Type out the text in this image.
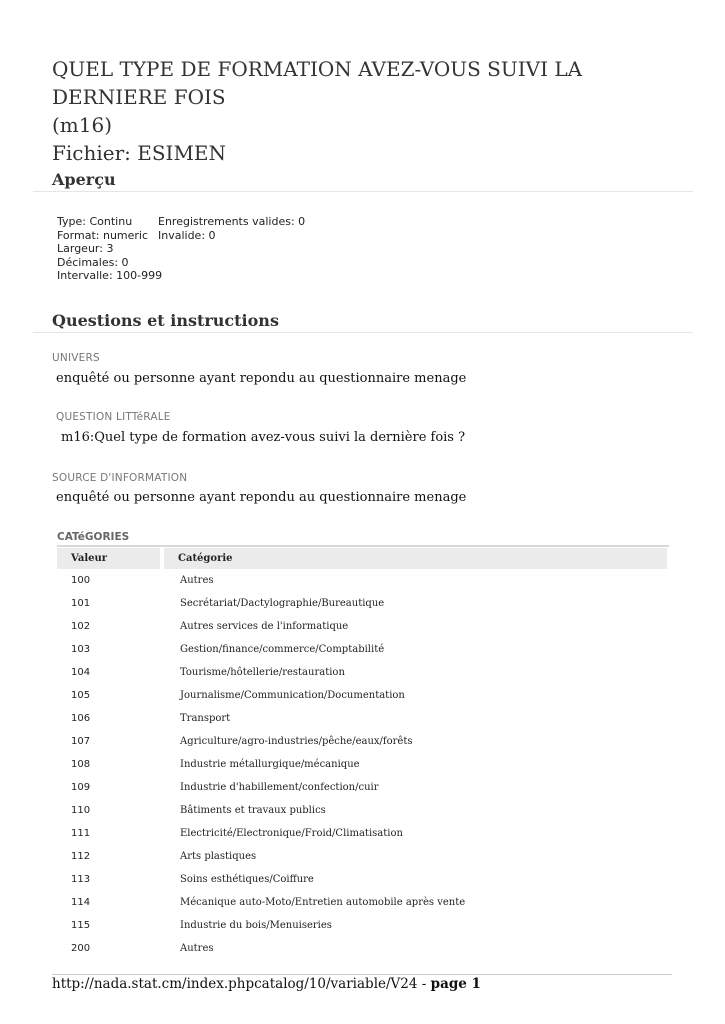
QUEL TYPE DE FORMATION AVEZ-VOUS SUIVI LA DERNIERE FOIS
(m16)
Fichier: ESIMEN
Aperçu
Type: Continu
Format: numeric
Largeur: 3
Décimales: 0
Intervalle: 100-999
Enregistrements valides: 0
Invalide: 0
Questions et instructions
UNIVERS
enquêté ou personne ayant repondu au questionnaire menage
QUESTION LITTéRALE
m16:Quel type de formation avez-vous suivi la dernière fois ?
SOURCE D'INFORMATION
enquêté ou personne ayant repondu au questionnaire menage
CATéGORIES
Valeur	Catégorie
100	Autres
101	Secrétariat/Dactylographie/Bureautique
102	Autres services de l'informatique
103	Gestion/finance/commerce/Comptabilité
104	Tourisme/hôtellerie/restauration
105	Journalisme/Communication/Documentation
106	Transport
107	Agriculture/agro-industries/pêche/eaux/forêts
108	Industrie métallurgique/mécanique
109	Industrie d'habillement/confection/cuir
110	Bâtiments et travaux publics
111	Electricité/Electronique/Froid/Climatisation
112	Arts plastiques
113	Soins esthétiques/Coiffure
114	Mécanique auto-Moto/Entretien automobile après vente
115	Industrie du bois/Menuiseries
200	Autres
http://nada.stat.cm/index.phpcatalog/10/variable/V24 - page 1
